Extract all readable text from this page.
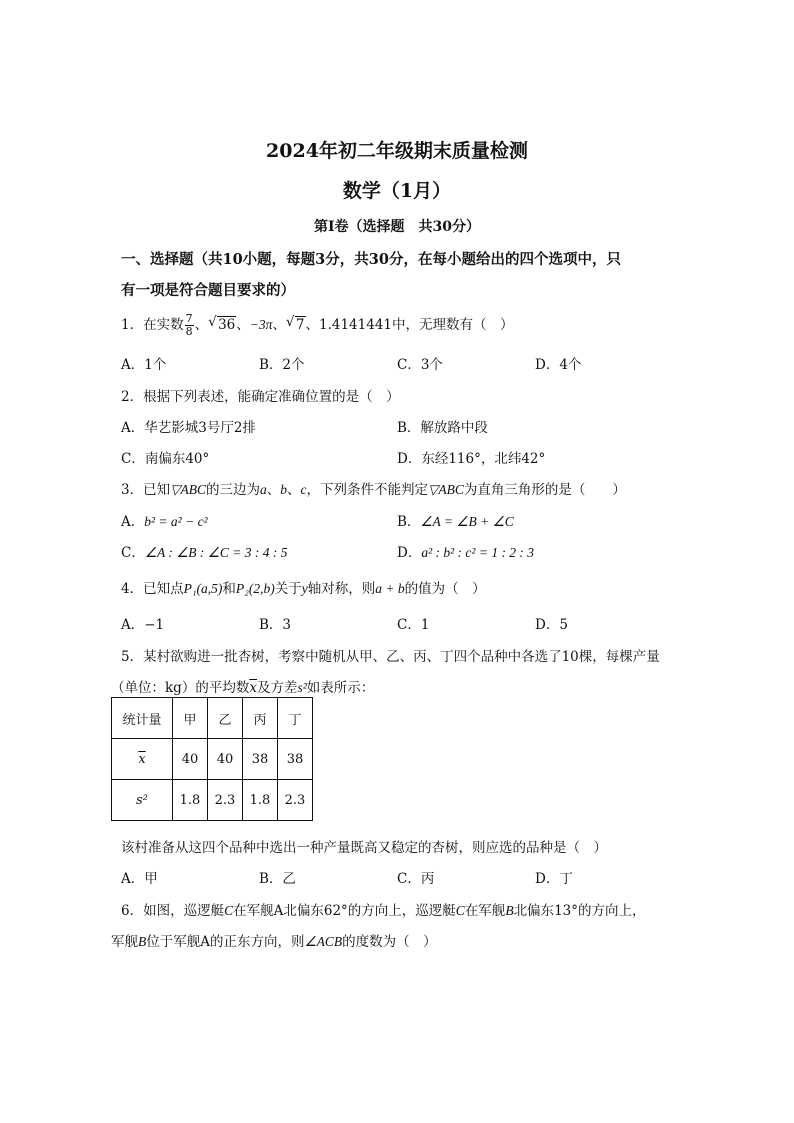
2024年初二年级期末质量检测
数学（1月）
第Ⅰ卷（选择题　共30分）
一、选择题（共10小题，每题3分，共30分，在每小题给出的四个选项中，只
有一项是符合题目要求的）
1．在实数 $\frac{7}{8}$ 、 √ 36、−3π、 √ 7、1.4141441中，无理数有（　）
A．1个	B．2个	C．3个	D．4个
2．根据下列表述，能确定准确位置的是（　）
A．华艺影城3号厅2排	B．解放路中段
C．南偏东40°	D．东经116°，北纬42°
3．已知▽ABC的三边为a、b、c，下列条件不能判定▽ABC为直角三角形的是（　　）
A．b² = a² − c²	B．∠A = ∠B + ∠C
C．∠A : ∠B : ∠C = 3 : 4 : 5	D．a² : b² : c² = 1 : 2 : 3
4．已知点P₁(a,5)和P₂(2,b)关于y轴对称，则a + b的值为（　）
A．−1	B．3	C．1	D．5
5．某村欲购进一批杏树，考察中随机从甲、乙、丙、丁四个品种中各选了10棵，每棵产量
（单位：kg）的平均数$\overline{x}$及方差s²如表所示：
统计量	甲	乙	丙	丁
$\overline{x}$	40	40	38	38
s²	1.8	2.3	1.8	2.3
该村准备从这四个品种中选出一种产量既高又稳定的杏树，则应选的品种是（　）
A．甲	B．乙	C．丙	D．丁
6．如图，巡逻艇C在军舰A北偏东62°的方向上，巡逻艇C在军舰B北偏东13°的方向上，
军舰B位于军舰A的正东方向，则∠ACB的度数为（　）
